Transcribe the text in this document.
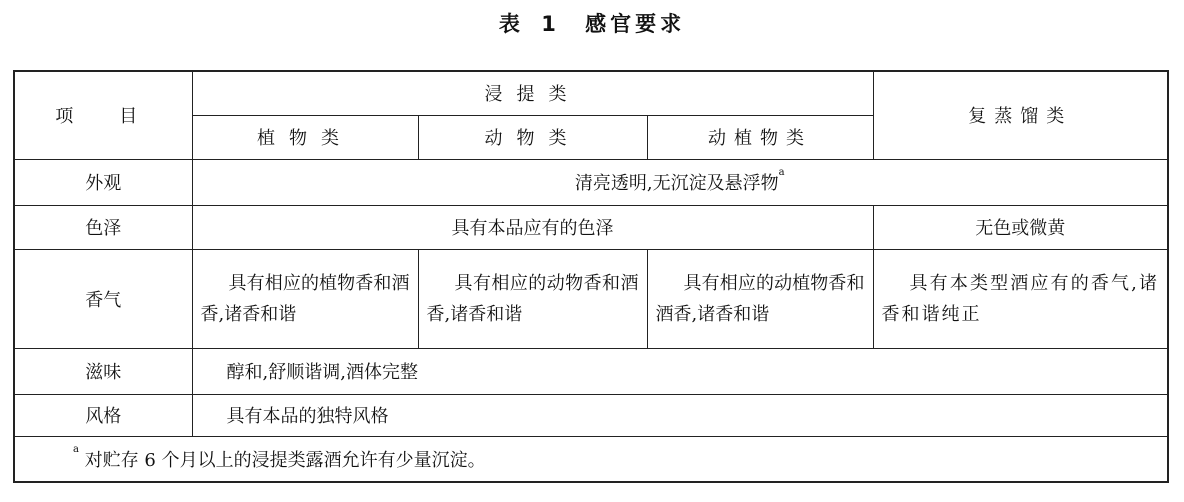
表 1 感官要求
项　目	浸提类			复蒸馏类
	植物类	动物类	动植物类	
外观	清亮透明,无沉淀及悬浮物$^a$
色泽	具有本品应有的色泽			无色或微黄
香气	具有相应的植物香和酒香,诸香和谐	具有相应的动物香和酒香,诸香和谐	具有相应的动植物香和酒香,诸香和谐	具有本类型酒应有的香气,诸香和谐纯正
滋味	醇和,舒顺谐调,酒体完整			
风格	具有本品的独特风格			
$^a$ 对贮存 6 个月以上的浸提类露酒允许有少量沉淀。				
